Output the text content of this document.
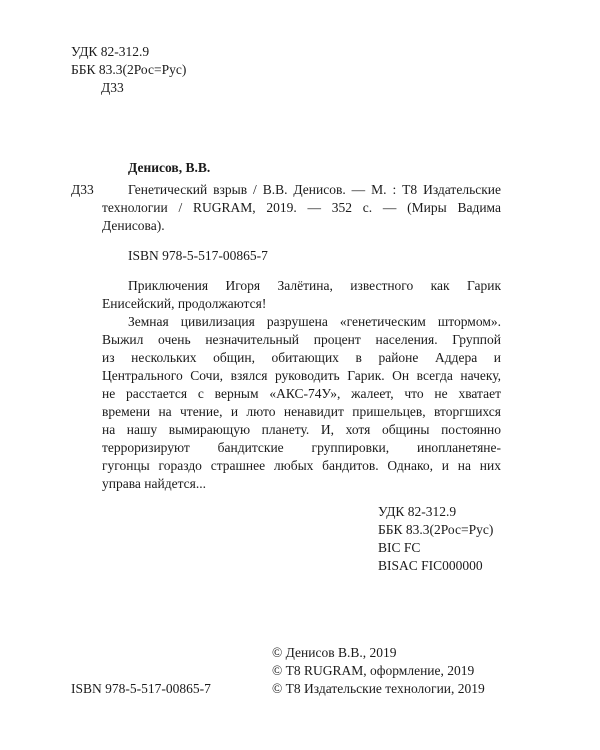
УДК 82-312.9
ББК 83.3(2Рос=Рус)
Д33
Денисов, В.В.
Д33	Генетический взрыв / В.В. Денисов. — М. : Т8 Издательские
технологии / RUGRAM, 2019. — 352 с. — (Миры Вадима
Денисова).
ISBN 978-5-517-00865-7
Приключения Игоря Залётина, известного как Гарик
Енисейский, продолжаются!
Земная цивилизация разрушена «генетическим штормом».
Выжил очень незначительный процент населения. Группой
из нескольких общин, обитающих в районе Аддера и
Центрального Сочи, взялся руководить Гарик. Он всегда начеку,
не расстается с верным «АКС-74У», жалеет, что не хватает
времени на чтение, и люто ненавидит пришельцев, вторгшихся
на нашу вымирающую планету. И, хотя общины постоянно
терроризируют бандитские группировки, инопланетяне-
гугонцы гораздо страшнее любых бандитов. Однако, и на них
управа найдется...
УДК 82-312.9
ББК 83.3(2Рос=Рус)
BIC FC
BISAC FIC000000
© Денисов В.В., 2019
© Т8 RUGRAM, оформление, 2019
ISBN 978-5-517-00865-7	© Т8 Издательские технологии, 2019
